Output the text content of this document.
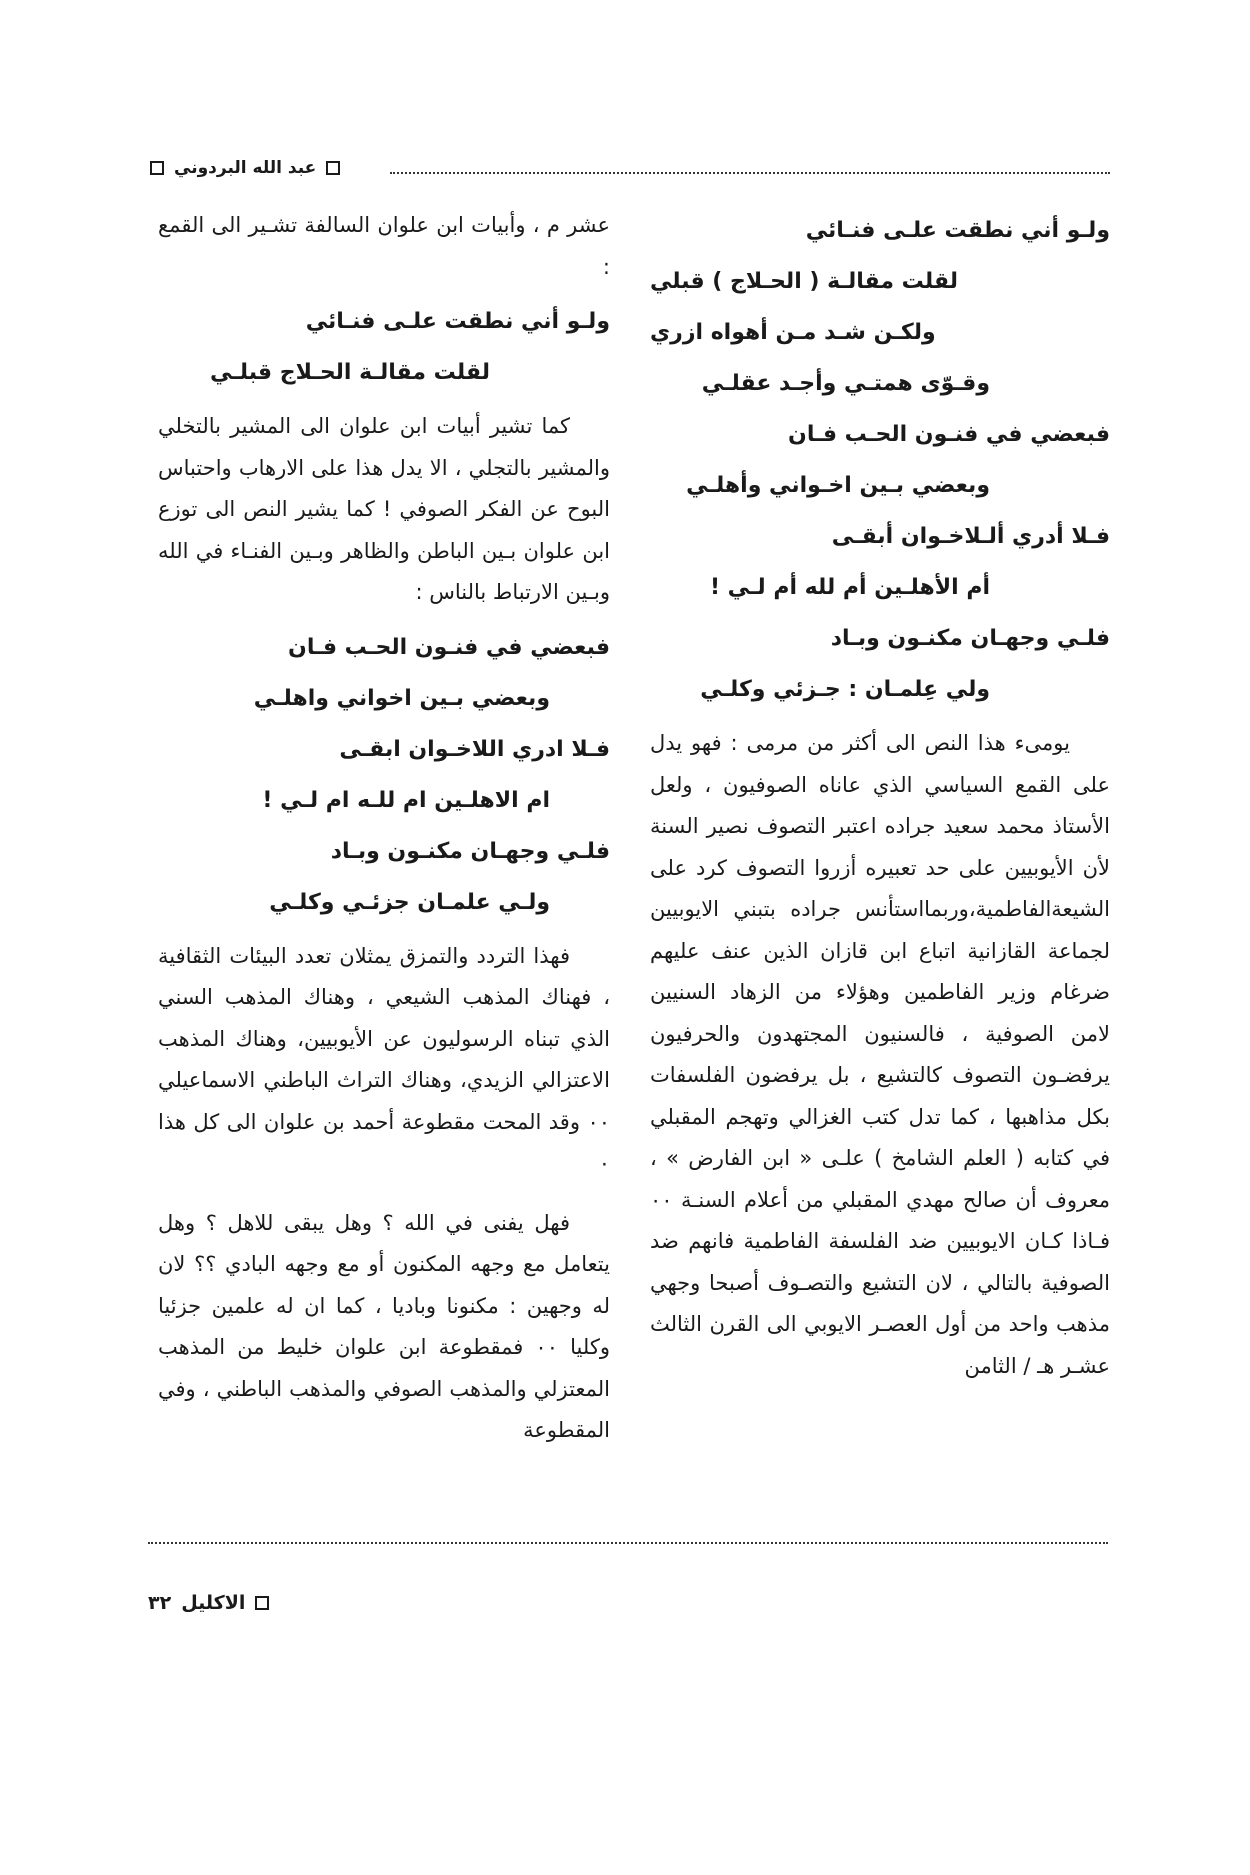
عبد الله البردوني
ولـو أني نطقت علـى فنـائي
لقلت مقالـة ( الحـلاج ) قبلي
ولكـن شـد مـن أهواه ازري
وقـوّى همتـي وأجـد عقلـي
فبعضي في فنـون الحـب فـان
وبعضي بـين اخـواني وأهلـي
فـلا أدري ألـلاخـوان أبقـى
أم الأهلـين أم لله أم لـي !
فلـي وجهـان مكنـون وبـاد
ولي عِلمـان : جـزئي وكلـي

يومىء هذا النص الى أكثر من مرمى : فهو يدل على القمع السياسي الذي عاناه الصوفيون ، ولعل الأستاذ محمد سعيد جراده اعتبر التصوف نصير السنة لأن الأيوبيين على حد تعبيره أزروا التصوف كرد على الشيعةالفاطمية،وربمااستأنس جراده بتبني الايوبيين لجماعة القازانية اتباع ابن قازان الذين عنف عليهم ضرغام وزير الفاطمين وهؤلاء من الزهاد السنيين لامن الصوفية ، فالسنيون المجتهدون والحرفيون يرفضـون التصوف كالتشيع ، بل يرفضون الفلسفات بكل مذاهبها ، كما تدل كتب الغزالي وتهجم المقبلي في كتابه ( العلم الشامخ ) علـى « ابن الفارض » ، معروف أن صالح مهدي المقبلي من أعلام السنـة ٠٠ فـاذا كـان الايوبيين ضد الفلسفة الفاطمية فانهم ضد الصوفية بالتالي ، لان التشيع والتصـوف أصبحا وجهي مذهب واحد من أول العصـر الايوبي الى القرن الثالث عشـر هـ / الثامن

عشر م ، وأبيات ابن علوان السالفة تشـير الى القمع :

ولـو أني نطقت علـى فنـائي
لقلت مقالـة الحـلاج قبلـي

كما تشير أبيات ابن علوان الى المشير بالتخلي والمشير بالتجلي ، الا يدل هذا على الارهاب واحتباس البوح عن الفكر الصوفي ! كما يشير النص الى توزع ابن علوان بـين الباطن والظاهر وبـين الفنـاء في الله وبـين الارتباط بالناس :

فبعضي في فنـون الحـب فـان
وبعضي بـين اخواني واهلـي
فـلا ادري اللاخـوان ابقـى
ام الاهلـين ام للـه ام لـي !
فلـي وجهـان مكنـون وبـاد
ولـي علمـان جزئـي وكلـي

فهذا التردد والتمزق يمثلان تعدد البيئات الثقافية ، فهناك المذهب الشيعي ، وهناك المذهب السني الذي تبناه الرسوليون عن الأيوبيين، وهناك المذهب الاعتزالي الزيدي، وهناك التراث الباطني الاسماعيلي ٠٠ وقد المحت مقطوعة أحمد بن علوان الى كل هذا ٠

فهل يفنى في الله ؟ وهل يبقى للاهل ؟ وهل يتعامل مع وجهه المكنون أو مع وجهه البادي ؟؟ لان له وجهين : مكنونا وباديا ، كما ان له علمين جزئيا وكليا ٠٠ فمقطوعة ابن علوان خليط من المذهب المعتزلي والمذهب الصوفي والمذهب الباطني ، وفي المقطوعة

الاكليل
٣٢
